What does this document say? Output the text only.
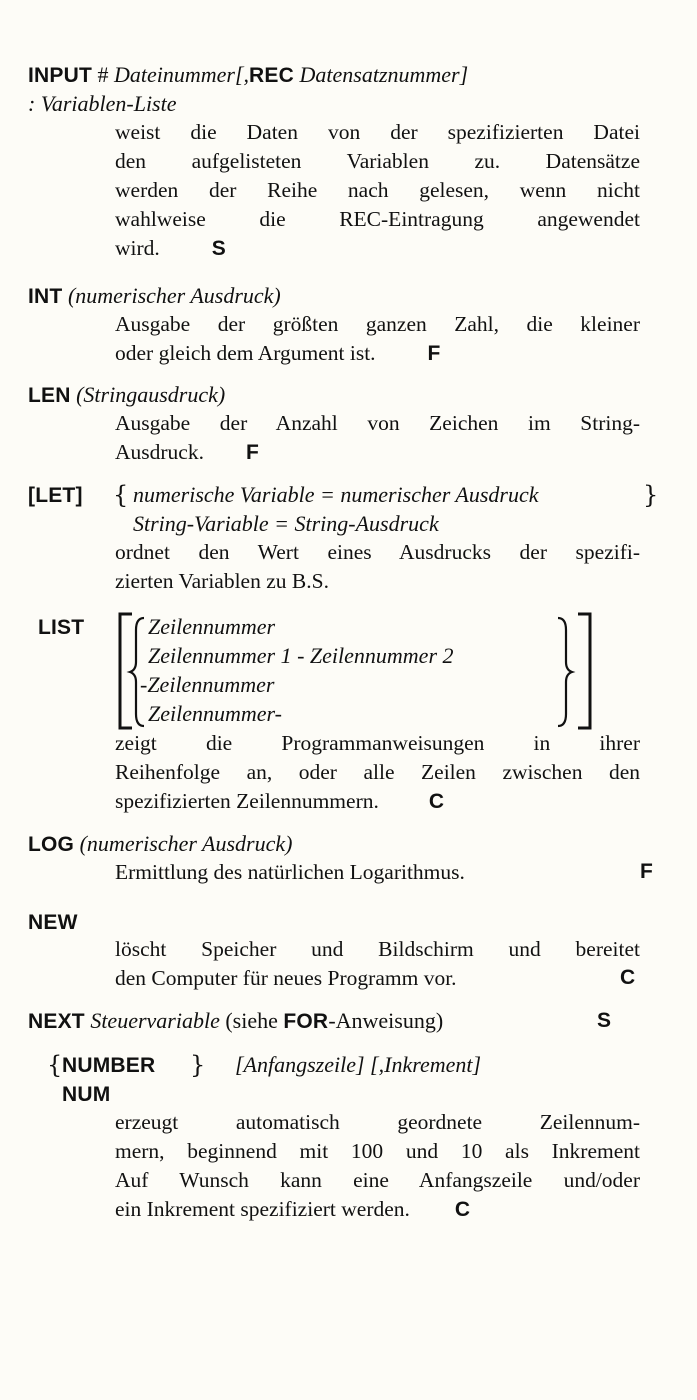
INPUT # Dateinummer[,REC Datensatznummer]
: Variablen-Liste
weist die Daten von der spezifizierten Datei
den aufgelisteten Variablen zu. Datensätze
werden der Reihe nach gelesen, wenn nicht
wahlweise die REC-Eintragung angewendet
wird. S
INT (numerischer Ausdruck)
Ausgabe der größten ganzen Zahl, die kleiner
oder gleich dem Argument ist. F
LEN (Stringausdruck)
Ausgabe der Anzahl von Zeichen im String-
Ausdruck. F
[LET] {	}
numerische Variable = numerischer Ausdruck
String-Variable = String-Ausdruck
ordnet den Wert eines Ausdrucks der spezifi-
zierten Variablen zu B.S.
LIST	Zeilennummer
Zeilennummer 1 - Zeilennummer 2
-Zeilennummer
Zeilennummer-
zeigt die Programmanweisungen in ihrer
Reihenfolge an, oder alle Zeilen zwischen den
spezifizierten Zeilennummern. C
LOG (numerischer Ausdruck)
Ermittlung des natürlichen Logarithmus.	F
NEW
löscht Speicher und Bildschirm und bereitet
den Computer für neues Programm vor.	C
NEXT Steuervariable (siehe FOR-Anweisung)	S
{ NUMBER
NUM
} [Anfangszeile] [,Inkrement]
erzeugt automatisch geordnete Zeilennum-
mern, beginnend mit 100 und 10 als Inkrement
Auf Wunsch kann eine Anfangszeile und/oder
ein Inkrement spezifiziert werden. C
